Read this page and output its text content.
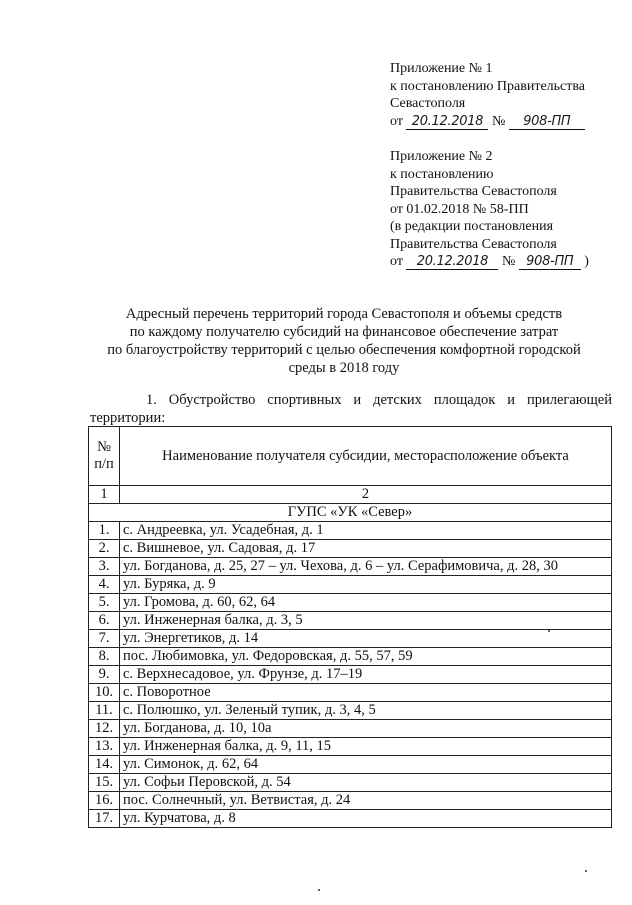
Приложение № 1

к постановлению Правительства

Севастополя

от 20.12.2018 № 908-ПП

Приложение № 2

к постановлению

Правительства Севастополя

от 01.02.2018 № 58-ПП

(в редакции постановления

Правительства Севастополя

от 20.12.2018 № 908-ПП )

Адресный перечень территорий города Севастополя и объемы средств

по каждому получателю субсидий на финансовое обеспечение затрат

по благоустройству территорий с целью обеспечения комфортной городской

среды в 2018 году

1. Обустройство спортивных и детских площадок и прилегающей

территории:

№ п/п	Наименование получателя субсидии, месторасположение объекта
1	2
ГУПС «УК «Север»	
1.	с. Андреевка, ул. Усадебная, д. 1
2.	с. Вишневое, ул. Садовая, д. 17
3.	ул. Богданова, д. 25, 27 – ул. Чехова, д. 6 – ул. Серафимовича, д. 28, 30
4.	ул. Буряка, д. 9
5.	ул. Громова, д. 60, 62, 64
6.	ул. Инженерная балка, д. 3, 5
7.	ул. Энергетиков, д. 14
8.	пос. Любимовка, ул. Федоровская, д. 55, 57, 59
9.	с. Верхнесадовое, ул. Фрунзе, д. 17–19
10.	с. Поворотное
11.	с. Полюшко, ул. Зеленый тупик, д. 3, 4, 5
12.	ул. Богданова, д. 10, 10а
13.	ул. Инженерная балка, д. 9, 11, 15
14.	ул. Симонок, д. 62, 64
15.	ул. Софьи Перовской, д. 54
16.	пос. Солнечный, ул. Ветвистая, д. 24
17.	ул. Курчатова, д. 8
